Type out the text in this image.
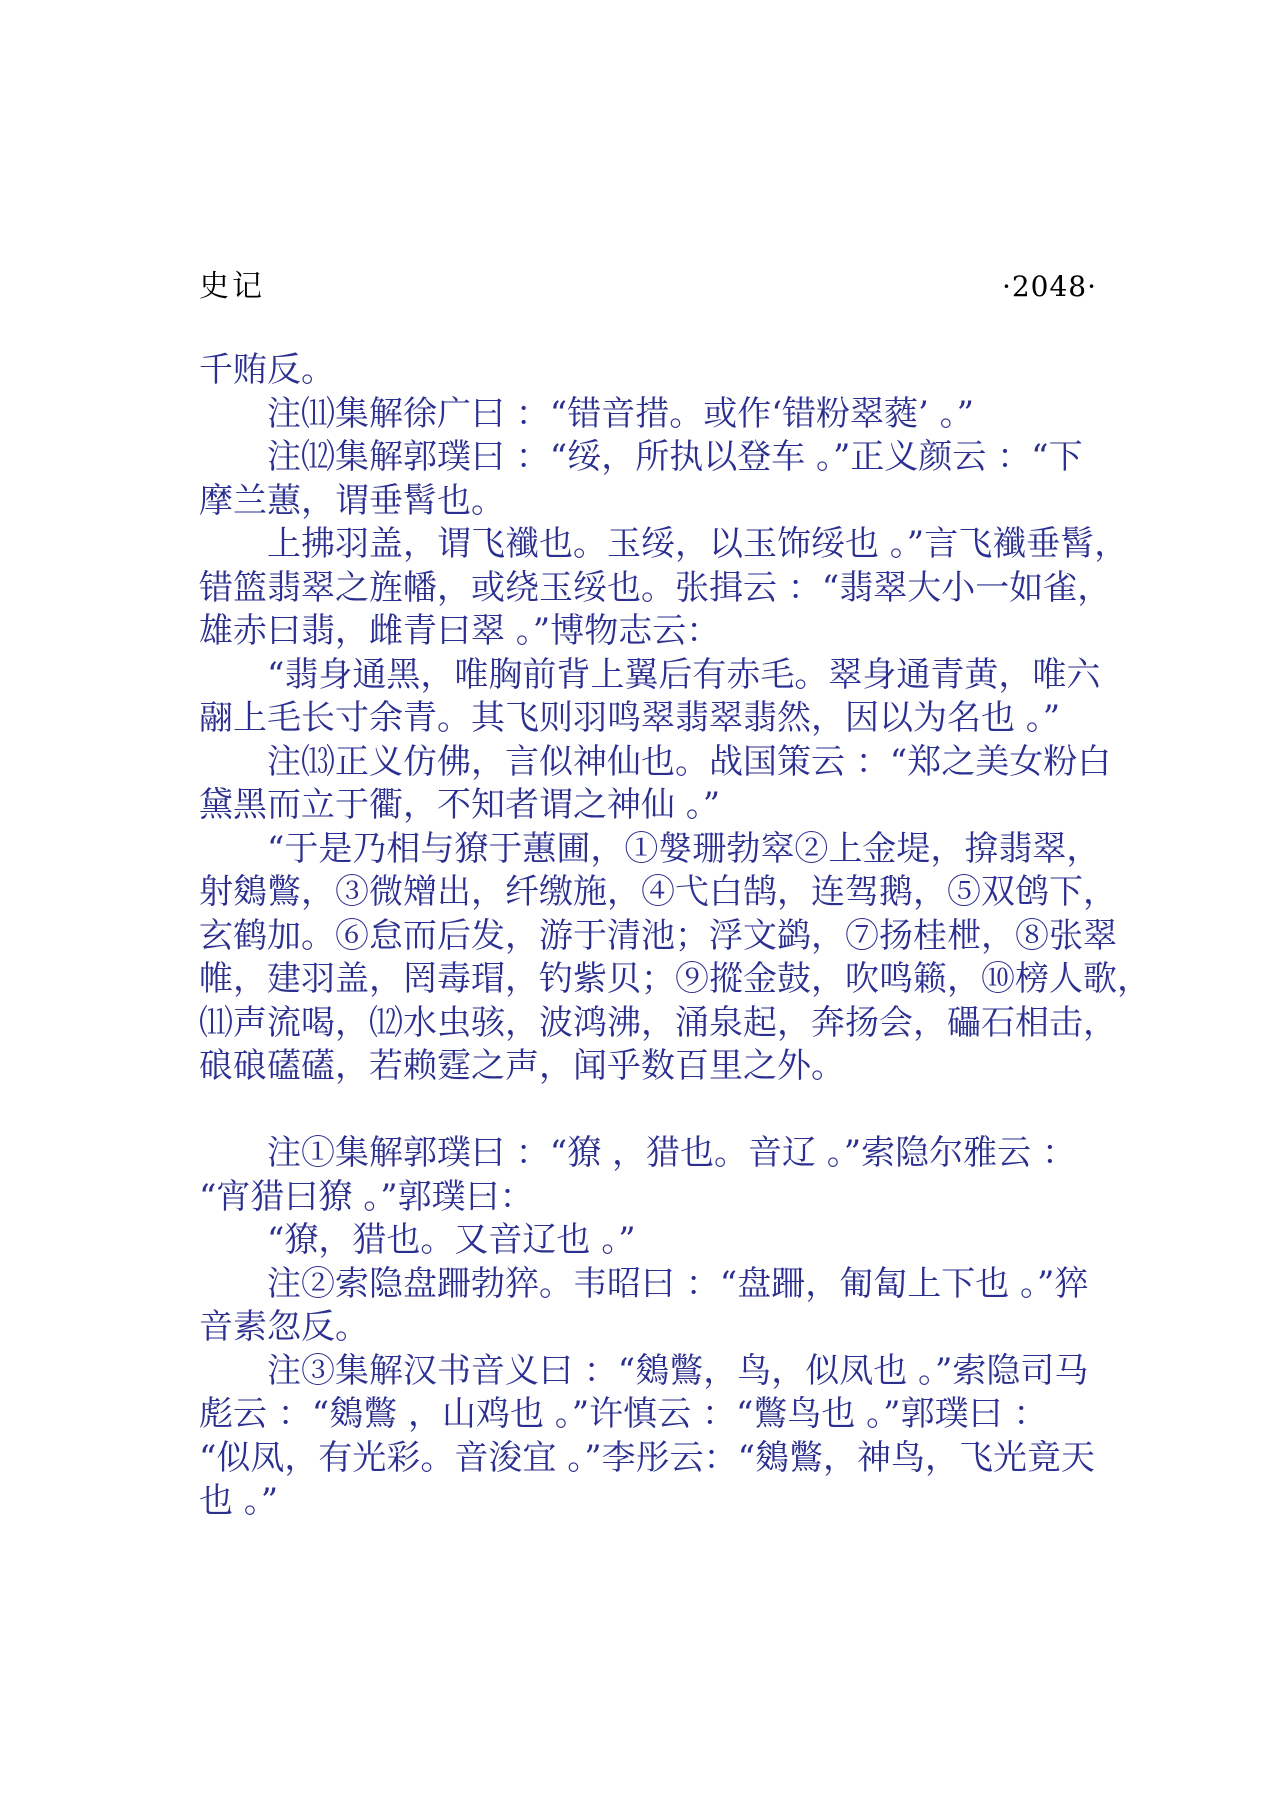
史记	·2048·

千贿反。

注⑾集解徐广曰 ：“错音措。或作‘错粉翠蕤’ 。”

注⑿集解郭璞曰 ：“绥，所执以登车 。”正义颜云 ：“下

摩兰蕙，谓垂髾也。

上拂羽盖，谓飞襳也。玉绥，以玉饰绥也 。”言飞襳垂髾，

错篮翡翠之旌幡，或绕玉绥也。张揖云 ：“翡翠大小一如雀，

雄赤曰翡，雌青曰翠 。”博物志云：

“翡身通黑，唯胸前背上翼后有赤毛。翠身通青黄，唯六

翮上毛长寸余青。其飞则羽鸣翠翡翠翡然，因以为名也 。”

注⒀正义仿佛，言似神仙也。战国策云 ：“郑之美女粉白

黛黑而立于衢，不知者谓之神仙 。”

“于是乃相与獠于蕙圃，①媻珊勃窣②上金堤，揜翡翠，

射鵕鷩，③微矰出，纤缴施，④弋白鹄，连驾鹅，⑤双鸧下，

玄鹤加。⑥怠而后发，游于清池；浮文鹢，⑦扬桂枻，⑧张翠

帷，建羽盖，罔毒瑁，钓紫贝；⑨摐金鼓，吹鸣籁，⑩榜人歌，

⑾声流喝，⑿水虫骇，波鸿沸，涌泉起，奔扬会，礧石相击，

硠硠礚礚，若赖霆之声，闻乎数百里之外。

注①集解郭璞曰 ：“獠 ，猎也。音辽 。”索隐尔雅云 ：

“宵猎曰獠 。”郭璞曰：

“獠，猎也。又音辽也 。”

注②索隐盘跚勃猝。韦昭曰 ：“盘跚，匍匐上下也 。”猝

音素忽反。

注③集解汉书音义曰 ：“鵕鷩，鸟，似凤也 。”索隐司马

彪云 ：“鵕鷩 ，山鸡也 。”许慎云 ：“鷩鸟也 。”郭璞曰 ：

“似凤，有光彩。音浚宜 。”李彤云：“鵕鷩，神鸟，飞光竟天

也 。”
